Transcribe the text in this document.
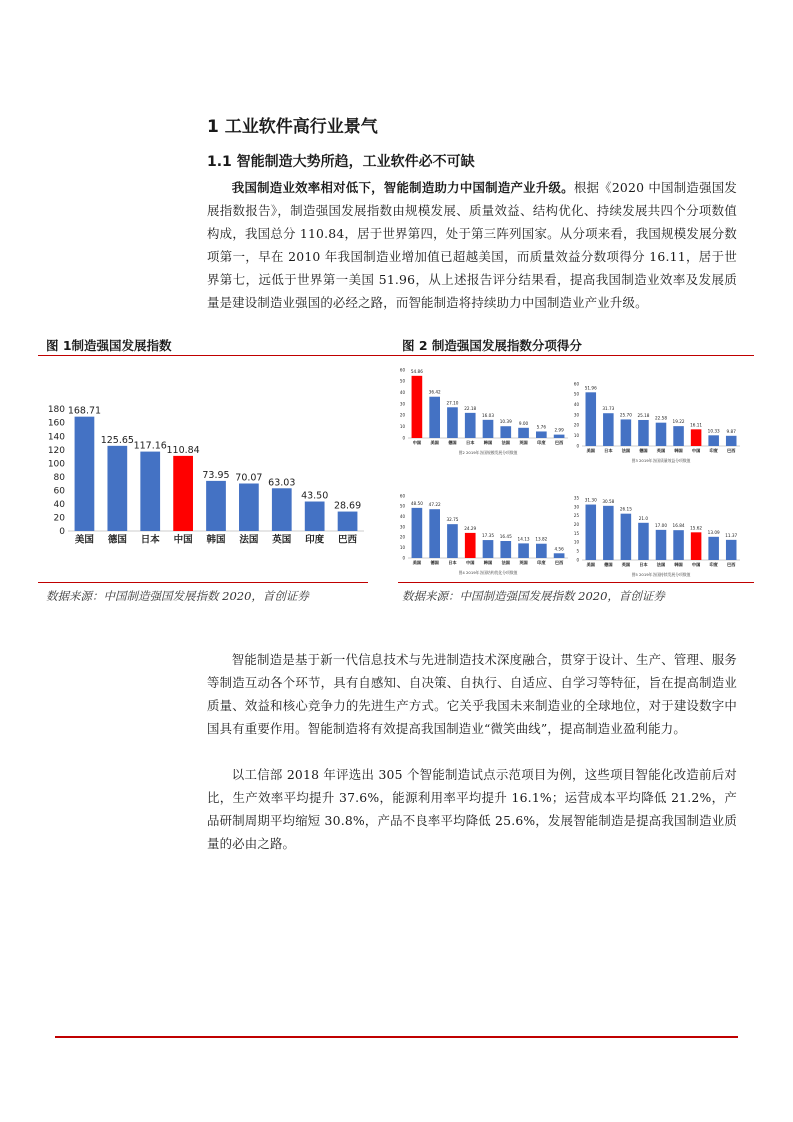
1 工业软件高行业景气
1.1 智能制造大势所趋，工业软件必不可缺
我国制造业效率相对低下，智能制造助力中国制造产业升级。根据《2020 中国制造强国发展指数报告》，制造强国发展指数由规模发展、质量效益、结构优化、持续发展共四个分项数值构成，我国总分 110.84，居于世界第四，处于第三阵列国家。从分项来看，我国规模发展分数项第一，早在 2010 年我国制造业增加值已超越美国，而质量效益分数项得分 16.11，居于世界第七，远低于世界第一美国 51.96，从上述报告评分结果看，提高我国制造业效率及发展质量是建设制造业强国的必经之路，而智能制造将持续助力中国制造业产业升级。
图 1制造强国发展指数	图 2 制造强国发展指数分项得分
0
20
40
60
80
100
120
140
160
180 168.71
美国
125.65
德国
117.16
日本
110.84
中国
73.95
韩国
70.07
法国
63.03
英国
43.50
印度
28.69
巴西
0
10
20
30
40
50
60 54.86
中国
36.42
美国
27.10
德国
22.18
日本
16.03
韩国
10.39
法国
9.00
英国
5.76
印度
2.99
巴西
图2 2019年各国规模发展分项数值
0
10
20
30
40
50
60
51.96
美国
31.73
日本
25.70
法国
25.18
德国
22.58
英国
19.22
韩国
16.11
中国
10.33
印度
9.87
巴西
图3 2019年各国质量效益分项数值
0
10
20
30
40
50
60
48.50
美国
47.22
德国
32.75
日本
24.29
中国
17.35
韩国
16.45
法国
14.13
英国
13.82
印度
4.56
巴西
图4 2019年各国结构优化分项数值
0
5
10
15
20
25
30
35 31.30
美国
30.58
德国
26.15
英国
21.0
日本
17.00
法国
16.84
韩国
15.62
中国
13.09
印度
11.37
巴西
图5 2019年各国持续发展分项数值
数据来源：中国制造强国发展指数 2020，首创证券	数据来源：中国制造强国发展指数 2020，首创证券
智能制造是基于新一代信息技术与先进制造技术深度融合，贯穿于设计、生产、管理、服务等制造互动各个环节，具有自感知、自决策、自执行、自适应、自学习等特征，旨在提高制造业质量、效益和核心竞争力的先进生产方式。它关乎我国未来制造业的全球地位，对于建设数字中国具有重要作用。智能制造将有效提高我国制造业“微笑曲线”，提高制造业盈利能力。
以工信部 2018 年评选出 305 个智能制造试点示范项目为例，这些项目智能化改造前后对比，生产效率平均提升 37.6%，能源利用率平均提升 16.1%；运营成本平均降低 21.2%，产品研制周期平均缩短 30.8%，产品不良率平均降低 25.6%，发展智能制造是提高我国制造业质量的必由之路。
